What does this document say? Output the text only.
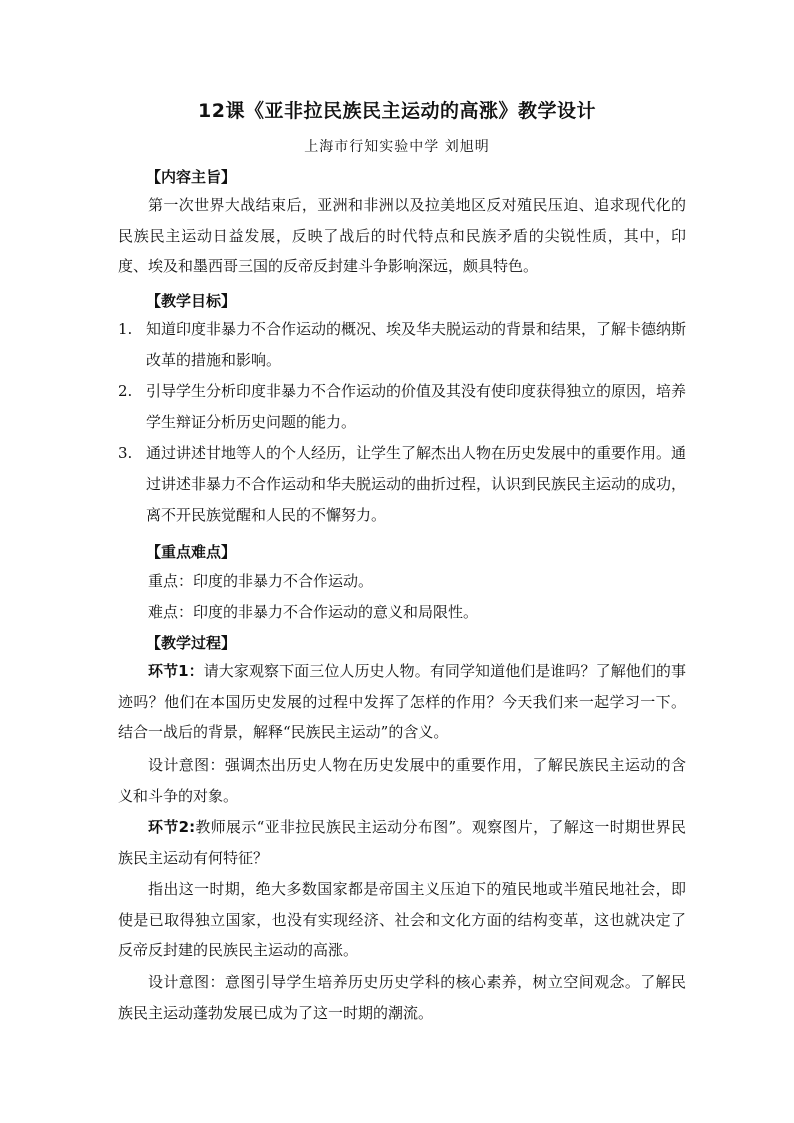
12课《亚非拉民族民主运动的高涨》教学设计
上海市行知实验中学 刘旭明
【内容主旨】
第一次世界大战结束后，亚洲和非洲以及拉美地区反对殖民压迫、追求现代化的民族民主运动日益发展，反映了战后的时代特点和民族矛盾的尖锐性质，其中，印度、埃及和墨西哥三国的反帝反封建斗争影响深远，颇具特色。
【教学目标】
1. 知道印度非暴力不合作运动的概况、埃及华夫脱运动的背景和结果，了解卡德纳斯改革的措施和影响。
2. 引导学生分析印度非暴力不合作运动的价值及其没有使印度获得独立的原因，培养学生辩证分析历史问题的能力。
3. 通过讲述甘地等人的个人经历，让学生了解杰出人物在历史发展中的重要作用。通过讲述非暴力不合作运动和华夫脱运动的曲折过程，认识到民族民主运动的成功，离不开民族觉醒和人民的不懈努力。
【重点难点】
重点：印度的非暴力不合作运动。
难点：印度的非暴力不合作运动的意义和局限性。
【教学过程】
环节1：请大家观察下面三位人历史人物。有同学知道他们是谁吗？了解他们的事迹吗？他们在本国历史发展的过程中发挥了怎样的作用？今天我们来一起学习一下。结合一战后的背景，解释“民族民主运动”的含义。
设计意图：强调杰出历史人物在历史发展中的重要作用，了解民族民主运动的含义和斗争的对象。
环节2:教师展示“亚非拉民族民主运动分布图”。观察图片，了解这一时期世界民族民主运动有何特征？
指出这一时期，绝大多数国家都是帝国主义压迫下的殖民地或半殖民地社会，即使是已取得独立国家，也没有实现经济、社会和文化方面的结构变革，这也就决定了反帝反封建的民族民主运动的高涨。
设计意图：意图引导学生培养历史历史学科的核心素养，树立空间观念。了解民族民主运动蓬勃发展已成为了这一时期的潮流。
